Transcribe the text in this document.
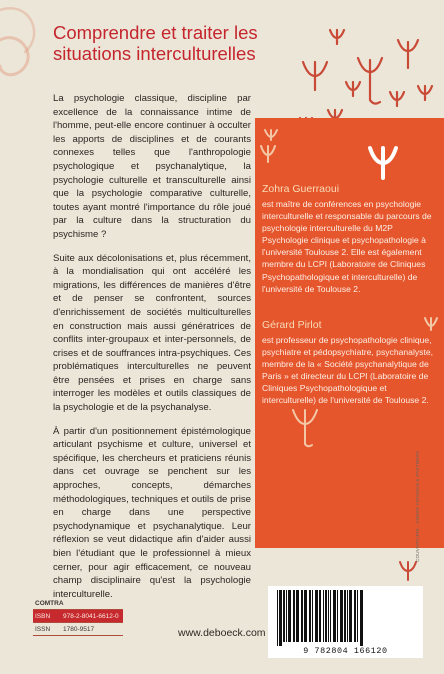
Comprendre et traiter les
situations interculturelles

La psychologie classique, discipline par excellence de la connaissance intime de l'homme, peut-elle encore continuer à occulter les apports de disciplines et de courants connexes telles que l'anthropologie psychologique et psychanalytique, la psychologie culturelle et transculturelle ainsi que la psychologie comparative culturelle, toutes ayant montré l'importance du rôle joué par la culture dans la structuration du psychisme ?

Suite aux décolonisations et, plus récemment, à la mondialisation qui ont accéléré les migrations, les différences de manières d'être et de penser se confrontent, sources d'enrichissement de sociétés multiculturelles en construction mais aussi génératrices de conflits inter-groupaux et inter-personnels, de crises et de souffrances intra-psychiques. Ces problématiques interculturelles ne peuvent être pensées et prises en charge sans interroger les modèles et outils classiques de la psychologie et de la psychanalyse.

À partir d'un positionnement épistémologique articulant psychisme et culture, universel et spécifique, les chercheurs et praticiens réunis dans cet ouvrage se penchent sur les approches, concepts, démarches méthodologiques, techniques et outils de prise en charge dans une perspective psychodynamique et psychanalytique. Leur réflexion se veut didactique afin d'aider aussi bien l'étudiant que le professionnel à mieux cerner, pour agir efficacement, ce nouveau champ disciplinaire qu'est la psychologie interculturelle.

Zohra Guerraoui
est maître de conférences en psychologie interculturelle et responsable du parcours de psychologie interculturelle du M2P Psychologie clinique et psychopathologie à l'université Toulouse 2. Elle est également membre du LCPI (Laboratoire de Cliniques Psychopathologique et interculturelle) de l'université de Toulouse 2.
Gérard Pirlot
est professeur de psychopathologie clinique, psychiatre et pédopsychiatre, psychanalyste, membre de la « Société psychanalytique de Paris » et directeur du LCPI (Laboratoire de Cliniques Psychopathologique et interculturelle) de l'université de Toulouse 2.
COUVERTURE : ANDRÉ FIEDMAN & PARTNERS
COMTRA
ISBN	978-2-8041-6612-0
ISSN	1780-9517	www.deboeck.com
9 782804 166120
